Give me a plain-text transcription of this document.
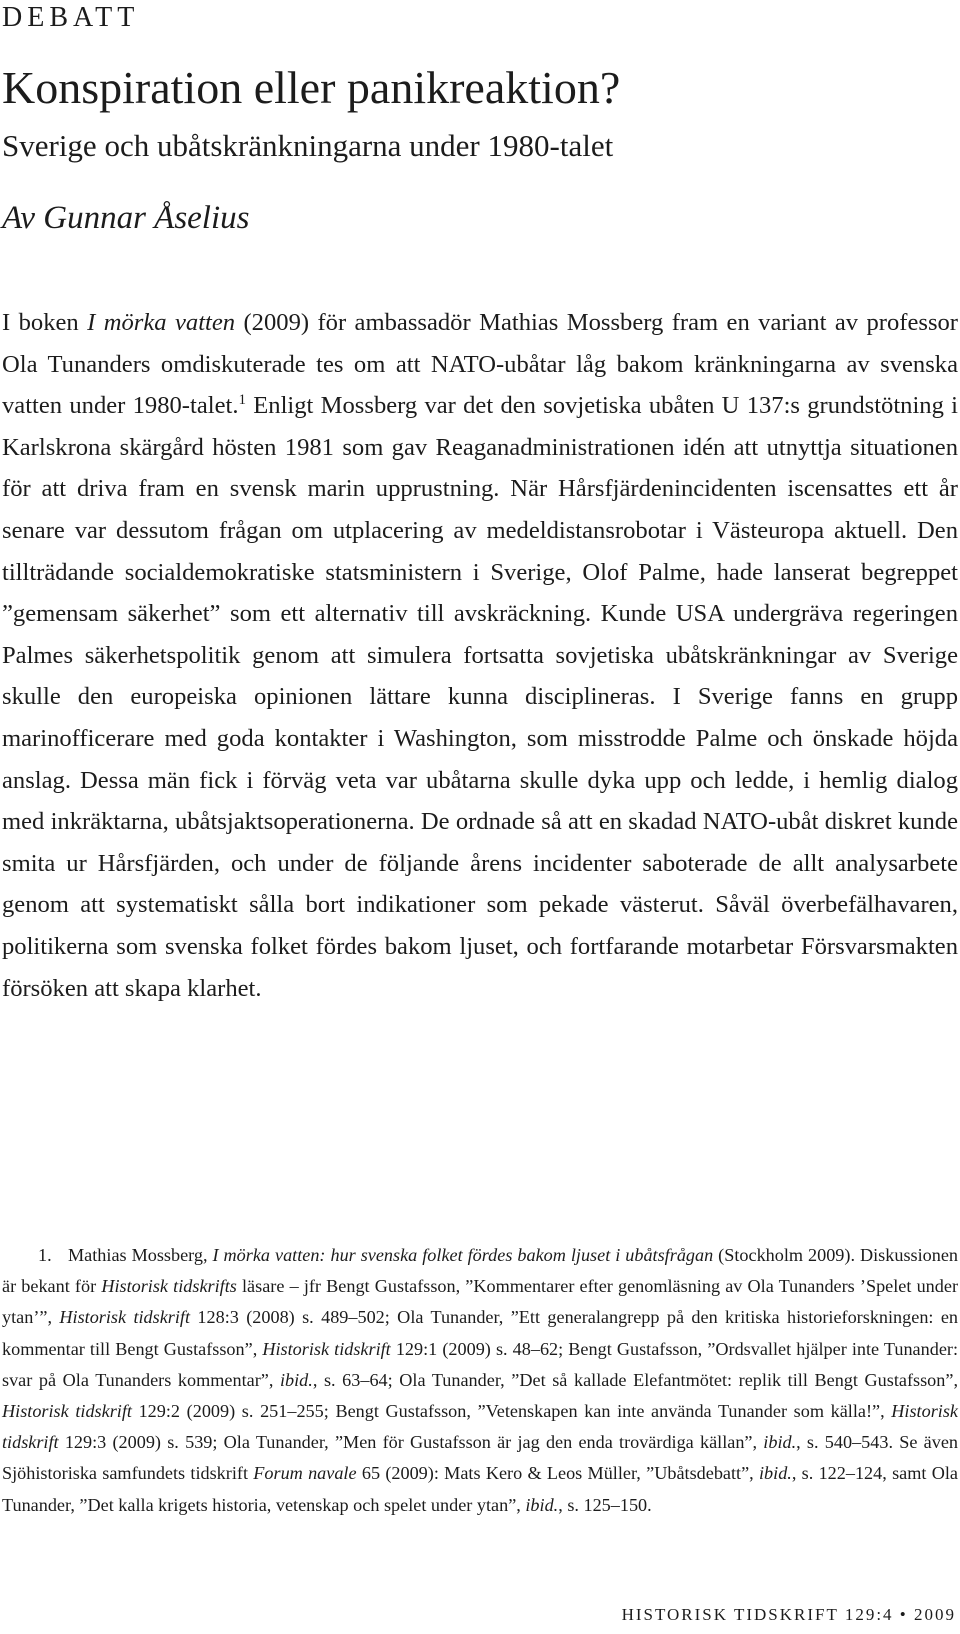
DEBATT
Konspiration eller panikreaktion?
Sverige och ubåtskränkningarna under 1980-talet
Av Gunnar Åselius
I boken I mörka vatten (2009) för ambassadör Mathias Mossberg fram en variant av professor Ola Tunanders omdiskuterade tes om att NATO-ubåtar låg bakom kränkningarna av svenska vatten under 1980-talet.$^1$ Enligt Mossberg var det den sovjetiska ubåten U 137:s grundstötning i Karlskrona skärgård hösten 1981 som gav Reaganadministrationen idén att utnyttja situationen för att driva fram en svensk marin upprustning. När Hårsfjärdenincidenten iscensattes ett år senare var dessutom frågan om utplacering av medeldistansrobotar i Västeuropa aktuell. Den tillträdande socialdemokratiske statsministern i Sverige, Olof Palme, hade lanserat begreppet ”gemensam säkerhet” som ett alternativ till avskräckning. Kunde USA undergräva regeringen Palmes säkerhetspolitik genom att simulera fortsatta sovjetiska ubåtskränkningar av Sverige skulle den europeiska opinionen lättare kunna disciplineras. I Sverige fanns en grupp marinofficerare med goda kontakter i Washington, som misstrodde Palme och önskade höjda anslag. Dessa män fick i förväg veta var ubåtarna skulle dyka upp och ledde, i hemlig dialog med inkräktarna, ubåtsjaktsoperationerna. De ordnade så att en skadad NATO-ubåt diskret kunde smita ur Hårsfjärden, och under de följande årens incidenter saboterade de allt analysarbete genom att systematiskt sålla bort indikationer som pekade västerut. Såväl överbefälhavaren, politikerna som svenska folket fördes bakom ljuset, och fortfarande motarbetar Försvarsmakten försöken att skapa klarhet.
1. Mathias Mossberg, I mörka vatten: hur svenska folket fördes bakom ljuset i ubåtsfrågan (Stockholm 2009). Diskussionen är bekant för Historisk tidskrifts läsare – jfr Bengt Gustafsson, ”Kommentarer efter genomläsning av Ola Tunanders ’Spelet under ytan’”, Historisk tidskrift 128:3 (2008) s. 489–502; Ola Tunander, ”Ett generalangrepp på den kritiska historieforskningen: en kommentar till Bengt Gustafsson”, Historisk tidskrift 129:1 (2009) s. 48–62; Bengt Gustafsson, ”Ordsvallet hjälper inte Tunander: svar på Ola Tunanders kommentar”, ibid., s. 63–64; Ola Tunander, ”Det så kallade Elefantmötet: replik till Bengt Gustafsson”, Historisk tidskrift 129:2 (2009) s. 251–255; Bengt Gustafsson, ”Vetenskapen kan inte använda Tunander som källa!”, Historisk tidskrift 129:3 (2009) s. 539; Ola Tunander, ”Men för Gustafsson är jag den enda trovärdiga källan”, ibid., s. 540–543. Se även Sjöhistoriska samfundets tidskrift Forum navale 65 (2009): Mats Kero & Leos Müller, ”Ubåtsdebatt”, ibid., s. 122–124, samt Ola Tunander, ”Det kalla krigets historia, vetenskap och spelet under ytan”, ibid., s. 125–150.
HISTORISK TIDSKRIFT 129:4 • 2009
